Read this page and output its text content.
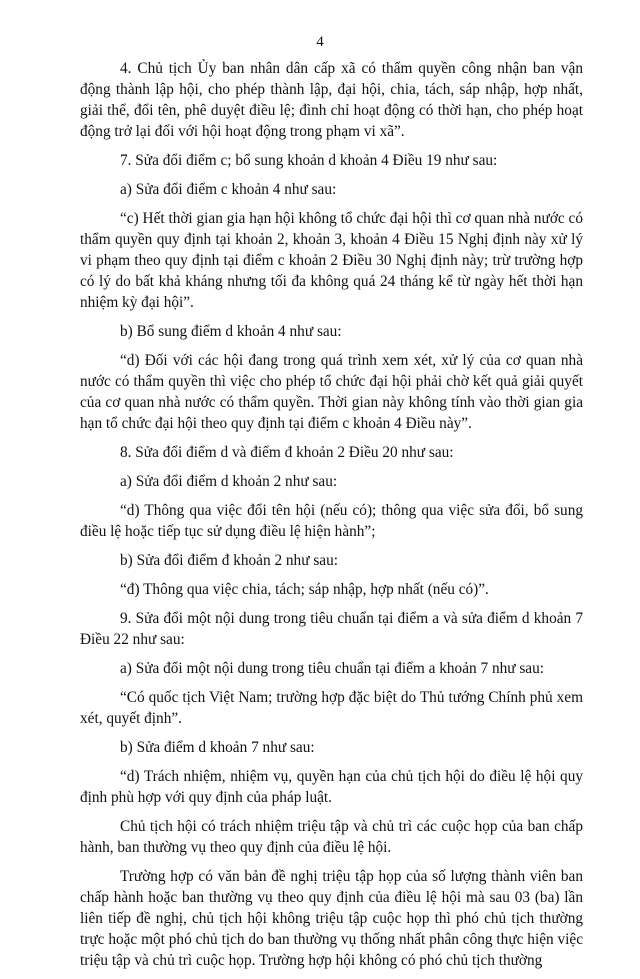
4

4. Chủ tịch Ủy ban nhân dân cấp xã có thẩm quyền công nhận ban vận động thành lập hội, cho phép thành lập, đại hội, chia, tách, sáp nhập, hợp nhất, giải thể, đổi tên, phê duyệt điều lệ; đình chỉ hoạt động có thời hạn, cho phép hoạt động trở lại đối với hội hoạt động trong phạm vi xã”.

7. Sửa đổi điểm c; bổ sung khoản d khoản 4 Điều 19 như sau:

a) Sửa đổi điểm c khoản 4 như sau:

“c) Hết thời gian gia hạn hội không tổ chức đại hội thì cơ quan nhà nước có thẩm quyền quy định tại khoản 2, khoản 3, khoản 4 Điều 15 Nghị định này xử lý vi phạm theo quy định tại điểm c khoản 2 Điều 30 Nghị định này; trừ trường hợp có lý do bất khả kháng nhưng tối đa không quá 24 tháng kể từ ngày hết thời hạn nhiệm kỳ đại hội”.

b) Bổ sung điểm d khoản 4 như sau:

“d) Đối với các hội đang trong quá trình xem xét, xử lý của cơ quan nhà nước có thẩm quyền thì việc cho phép tổ chức đại hội phải chờ kết quả giải quyết của cơ quan nhà nước có thẩm quyền. Thời gian này không tính vào thời gian gia hạn tổ chức đại hội theo quy định tại điểm c khoản 4 Điều này”.

8. Sửa đổi điểm d và điểm đ khoản 2 Điều 20 như sau:

a) Sửa đổi điểm d khoản 2 như sau:

“d) Thông qua việc đổi tên hội (nếu có); thông qua việc sửa đổi, bổ sung điều lệ hoặc tiếp tục sử dụng điều lệ hiện hành”;

b) Sửa đổi điểm đ khoản 2 như sau:

“đ) Thông qua việc chia, tách; sáp nhập, hợp nhất (nếu có)”.

9. Sửa đổi một nội dung trong tiêu chuẩn tại điểm a và sửa điểm d khoản 7 Điều 22 như sau:

a) Sửa đổi một nội dung trong tiêu chuẩn tại điểm a khoản 7 như sau:

“Có quốc tịch Việt Nam; trường hợp đặc biệt do Thủ tướng Chính phủ xem xét, quyết định”.

b) Sửa điểm d khoản 7 như sau:

“d) Trách nhiệm, nhiệm vụ, quyền hạn của chủ tịch hội do điều lệ hội quy định phù hợp với quy định của pháp luật.

Chủ tịch hội có trách nhiệm triệu tập và chủ trì các cuộc họp của ban chấp hành, ban thường vụ theo quy định của điều lệ hội.

Trường hợp có văn bản đề nghị triệu tập họp của số lượng thành viên ban chấp hành hoặc ban thường vụ theo quy định của điều lệ hội mà sau 03 (ba) lần liên tiếp đề nghị, chủ tịch hội không triệu tập cuộc họp thì phó chủ tịch thường trực hoặc một phó chủ tịch do ban thường vụ thống nhất phân công thực hiện việc triệu tập và chủ trì cuộc họp. Trường hợp hội không có phó chủ tịch thường
